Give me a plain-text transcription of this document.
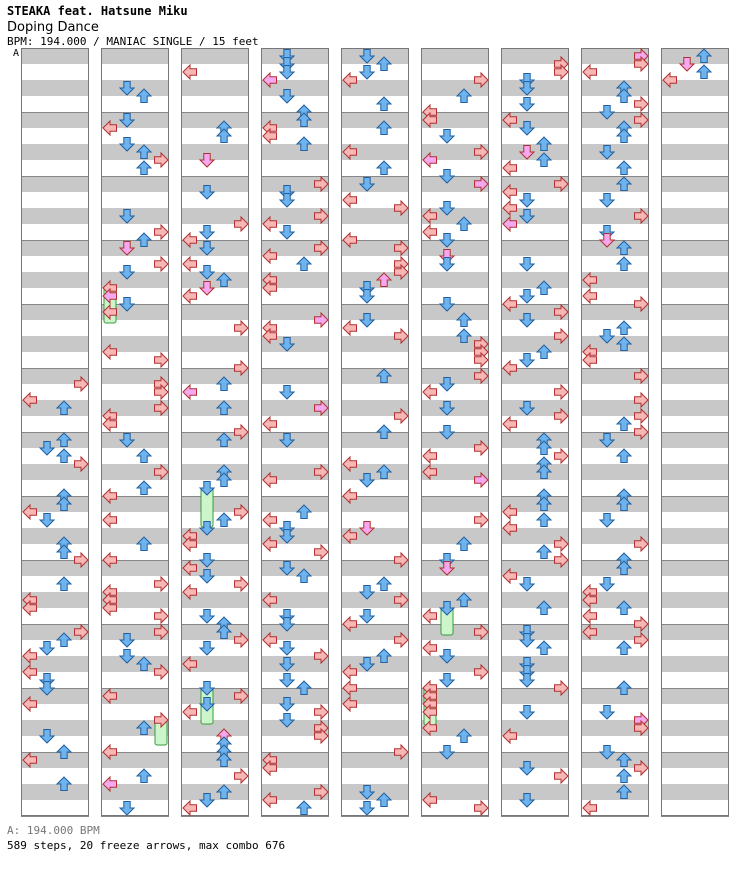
STEAKA feat. Hatsune Miku
Doping Dance
BPM: 194.000 / MANIAC SINGLE / 15 feet
A
A: 194.000 BPM
589 steps, 20 freeze arrows, max combo 676
